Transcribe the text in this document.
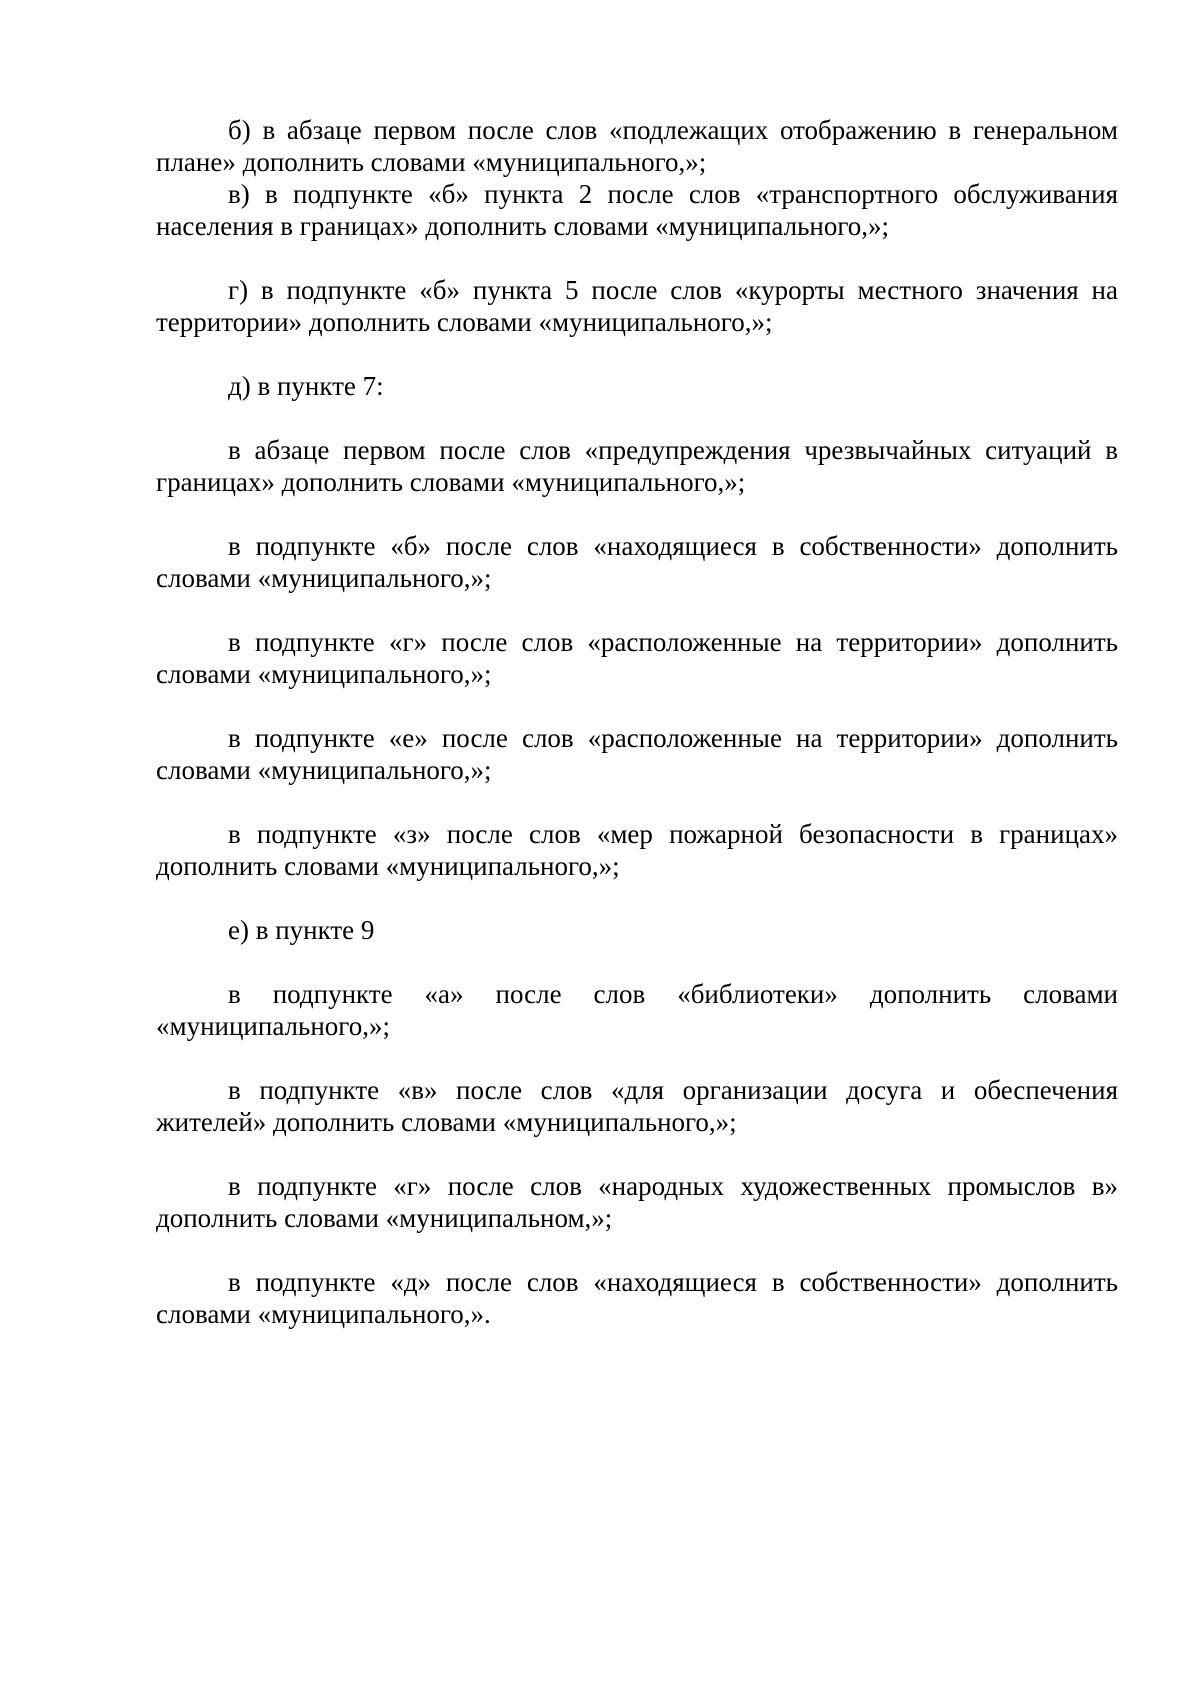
б) в абзаце первом после слов «подлежащих отображению в генеральном плане» дополнить словами «муниципального,»;

в) в подпункте «б» пункта 2 после слов «транспортного обслуживания населения в границах» дополнить словами «муниципального,»;

г) в подпункте «б» пункта 5 после слов «курорты местного значения на территории» дополнить словами «муниципального,»;

д) в пункте 7:

в абзаце первом после слов «предупреждения чрезвычайных ситуаций в границах» дополнить словами «муниципального,»;

в подпункте «б» после слов «находящиеся в собственности» дополнить словами «муниципального,»;

в подпункте «г» после слов «расположенные на территории» дополнить словами «муниципального,»;

в подпункте «е» после слов «расположенные на территории» дополнить словами «муниципального,»;

в подпункте «з» после слов «мер пожарной безопасности в границах» дополнить словами «муниципального,»;

е) в пункте 9

в подпункте «а» после слов «библиотеки» дополнить словами «муниципального,»;

в подпункте «в» после слов «для организации досуга и обеспечения жителей» дополнить словами «муниципального,»;

в подпункте «г» после слов «народных художественных промыслов в» дополнить словами «муниципальном,»;

в подпункте «д» после слов «находящиеся в собственности» дополнить словами «муниципального,».
